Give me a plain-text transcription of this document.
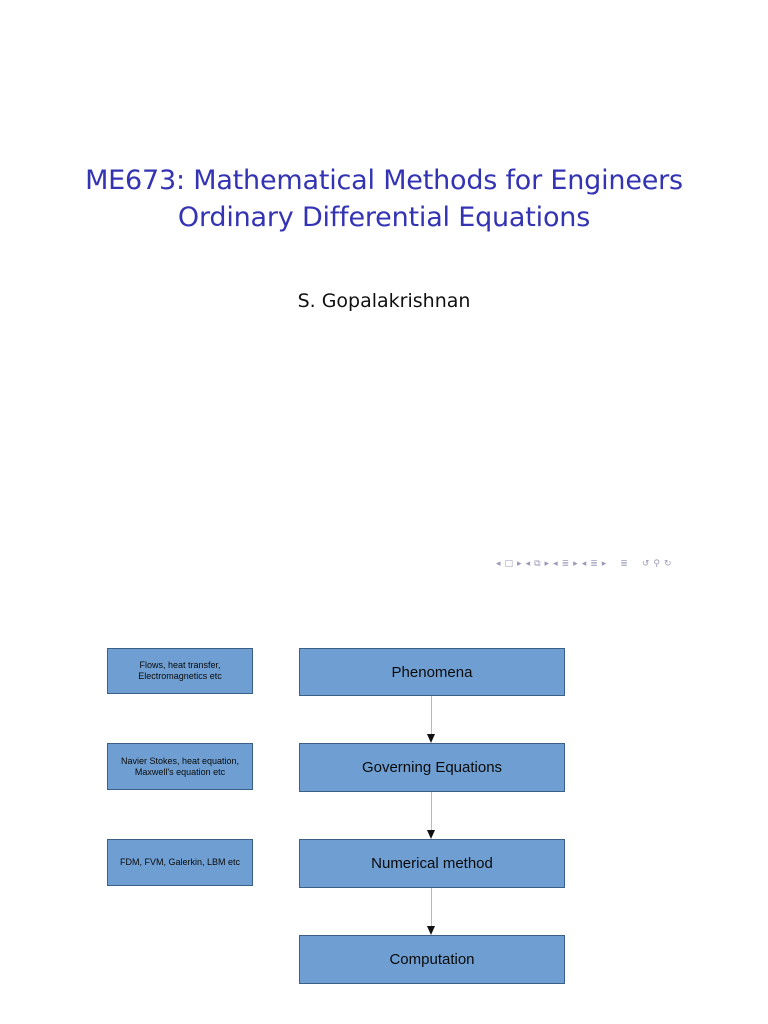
ME673: Mathematical Methods for Engineers
Ordinary Differential Equations
S. Gopalakrishnan
◂ □ ▸ ◂ ⧉ ▸ ◂ ≣ ▸ ◂ ≣ ▸ ≣ ↺ ⚲ ↻
Flows, heat transfer, Electromagnetics etc
Navier Stokes, heat equation, Maxwell's equation etc
FDM, FVM, Galerkin, LBM etc
Phenomena
Governing Equations
Numerical method
Computation
